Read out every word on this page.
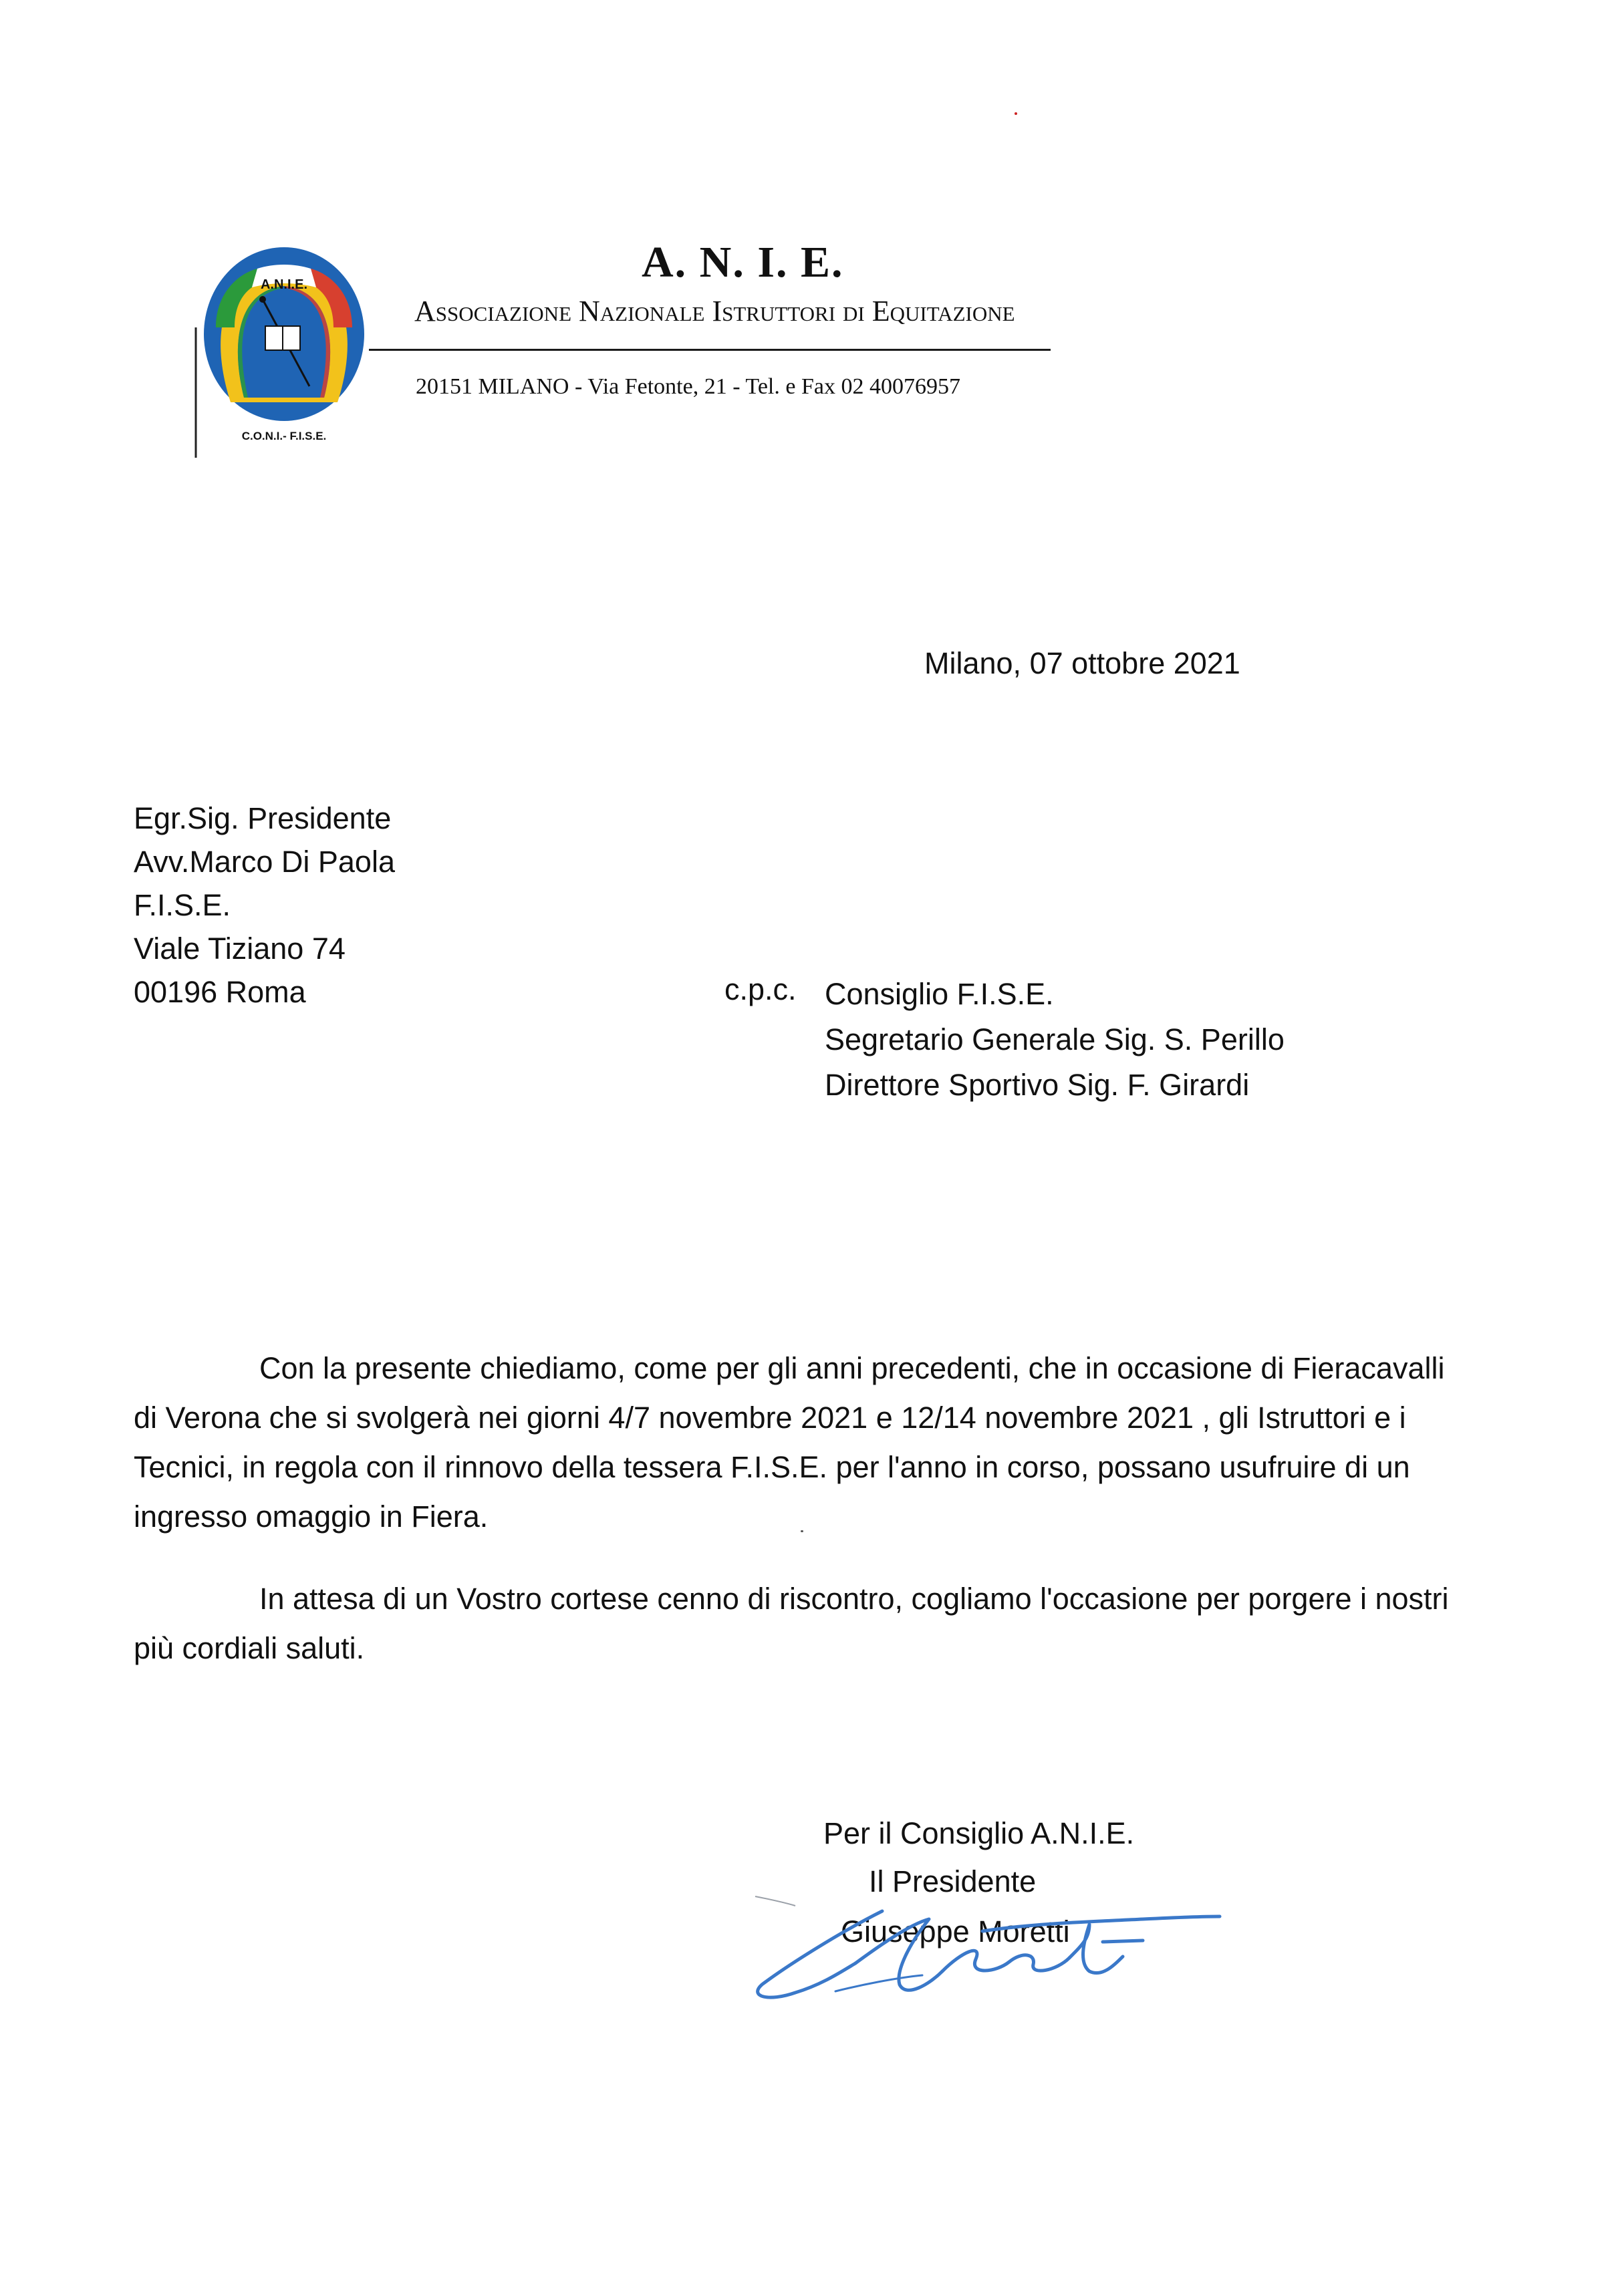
A.N.I.E.
C.O.N.I.- F.I.S.E.
A. N. I. E.
Associazione Nazionale Istruttori di Equitazione
20151 MILANO - Via Fetonte, 21 - Tel. e Fax 02 40076957
Milano, 07 ottobre 2021
Egr.Sig. Presidente
Avv.Marco Di Paola
F.I.S.E.
Viale Tiziano 74
00196 Roma	c.p.c. Consiglio F.I.S.E.
Segretario Generale Sig. S. Perillo
Direttore Sportivo Sig. F. Girardi
Con la presente chiediamo, come per gli anni precedenti, che in occasione di Fieracavalli di Verona che si svolgerà nei giorni 4/7 novembre 2021 e 12/14 novembre 2021 , gli Istruttori e i Tecnici, in regola con il rinnovo della tessera F.I.S.E. per l'anno in corso, possano usufruire di un ingresso omaggio in Fiera.
In attesa di un Vostro cortese cenno di riscontro, cogliamo l'occasione per porgere i nostri più cordiali saluti.
Per il Consiglio A.N.I.E.
Il Presidente
Giuseppe Moretti
